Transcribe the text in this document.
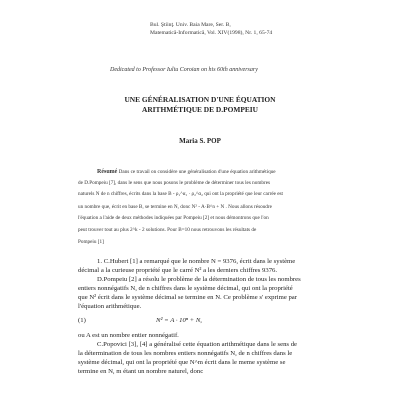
Bul. Ştiinţ. Univ. Baia Mare, Ser. B,
Matematică-Informatică, Vol. XIV(1998), Nr. 1, 65-74
Dedicated to Professor Iuliu Coroian on his 60th anniversary
UNE GÉNÉRALISATION D'UNE ÉQUATION
ARITHMÉTIQUE DE D.POMPEIU
Maria S. POP
Résumé Dans ce travail on considère une généralisation d'une équation arithmétique
de D.Pompeiu [7], dans le sens que nous posons le problème de déterminer tous les nombres
naturels N de n chiffres, écrits dans la base B - ρ₁^α₁ · ρ₂^α₂ qui ont la propriété que leur carrée est
un nombre que, écrit en base B, se termine en N, donc N² - A·B^n + N . Nous allons résoudre
l'équation a l'aide de deux méthodes indiquées par Pompeiu [2] et nous démontrons que l'on
peut trouver tout au plus 2^k - 2 solutions. Pour B=10 nous retrouvons les résultats de
Pompeiu [1]
1. C.Hubert [1] a remarqué que le nombre N = 9376, écrit dans le système
décimal a la curieuse propriété que le carré N² a les derniers chiffres 9376.
D.Pompeiu [2] a résolu le problème de la détermination de tous les nombres
entiers nonnégatifs N, de n chiffres dans le système décimal, qui ont la propriété
que N² écrit dans le système décimal se termine en N. Ce problème s' exprime par
l'équation arithmétique.
(1)	N² = A · 10ⁿ + N,
ou A est un nombre entier nonnégatif.
C.Popovici [3], [4] a généralisé cette équation arithmétique dans le sens de
la détermination de tous les nombres entiers nonnégatifs N, de n chiffres dans le
système décimal, qui ont la propriété que N^m écrit dans le meme système se
termine en N, m étant un nombre naturel, donc
